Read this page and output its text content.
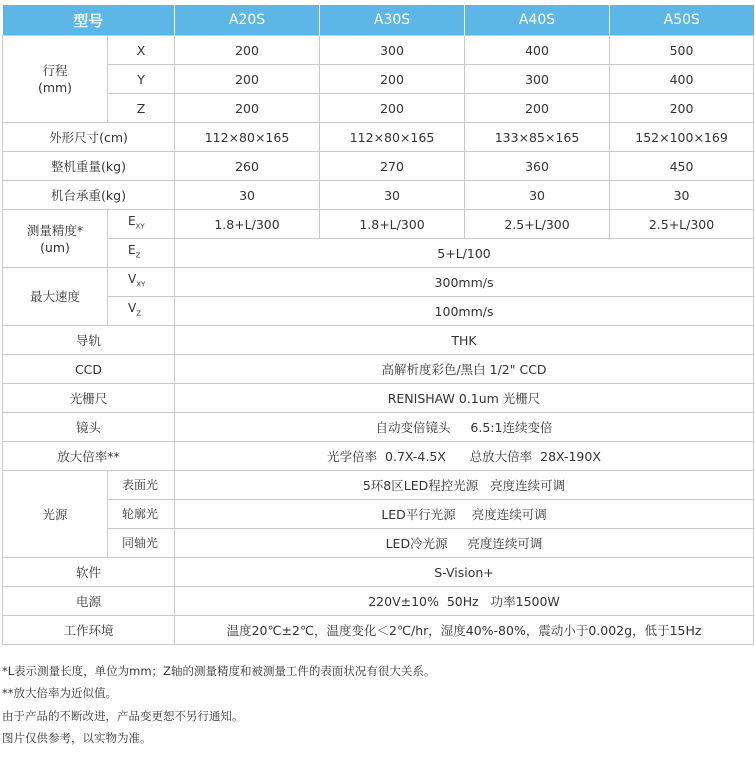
型号		A20S	A30S	A40S	A50S
行程
(mm)	X	200	300	400	500
	Y	200	200	300	400
	Z	200	200	200	200
外形尺寸(cm)		112×80×165	112×80×165	133×85×165	152×100×169
整机重量(kg)		260	270	360	450
机台承重(kg)		30	30	30	30
测量精度*
(um)	$E_{XY}$	1.8+L/300	1.8+L/300	2.5+L/300	2.5+L/300
	$E_Z$	5+L/100			
最大速度	$V_{XY}$	300mm/s			
	$V_Z$	100mm/s			
导轨		THK			
CCD		高解析度彩色/黑白 1/2" CCD			
光栅尺		RENISHAW 0.1um 光栅尺			
镜头		自动变倍镜头     6.5:1连续变倍			
放大倍率**		光学倍率  0.7X-4.5X      总放大倍率  28X-190X			
光源	表面光	5环8区LED程控光源   亮度连续可调			
	轮廓光	LED平行光源    亮度连续可调			
	同轴光	LED冷光源     亮度连续可调			
软件		S-Vision+			
电源		220V±10%  50Hz   功率1500W			
工作环境		温度20℃±2℃，温度变化＜2℃/hr，湿度40%-80%，震动小于0.002g，低于15Hz			
*L表示测量长度，单位为mm；Z轴的测量精度和被测量工件的表面状况有很大关系。
**放大倍率为近似值。
由于产品的不断改进，产品变更恕不另行通知。
图片仅供参考，以实物为准。
